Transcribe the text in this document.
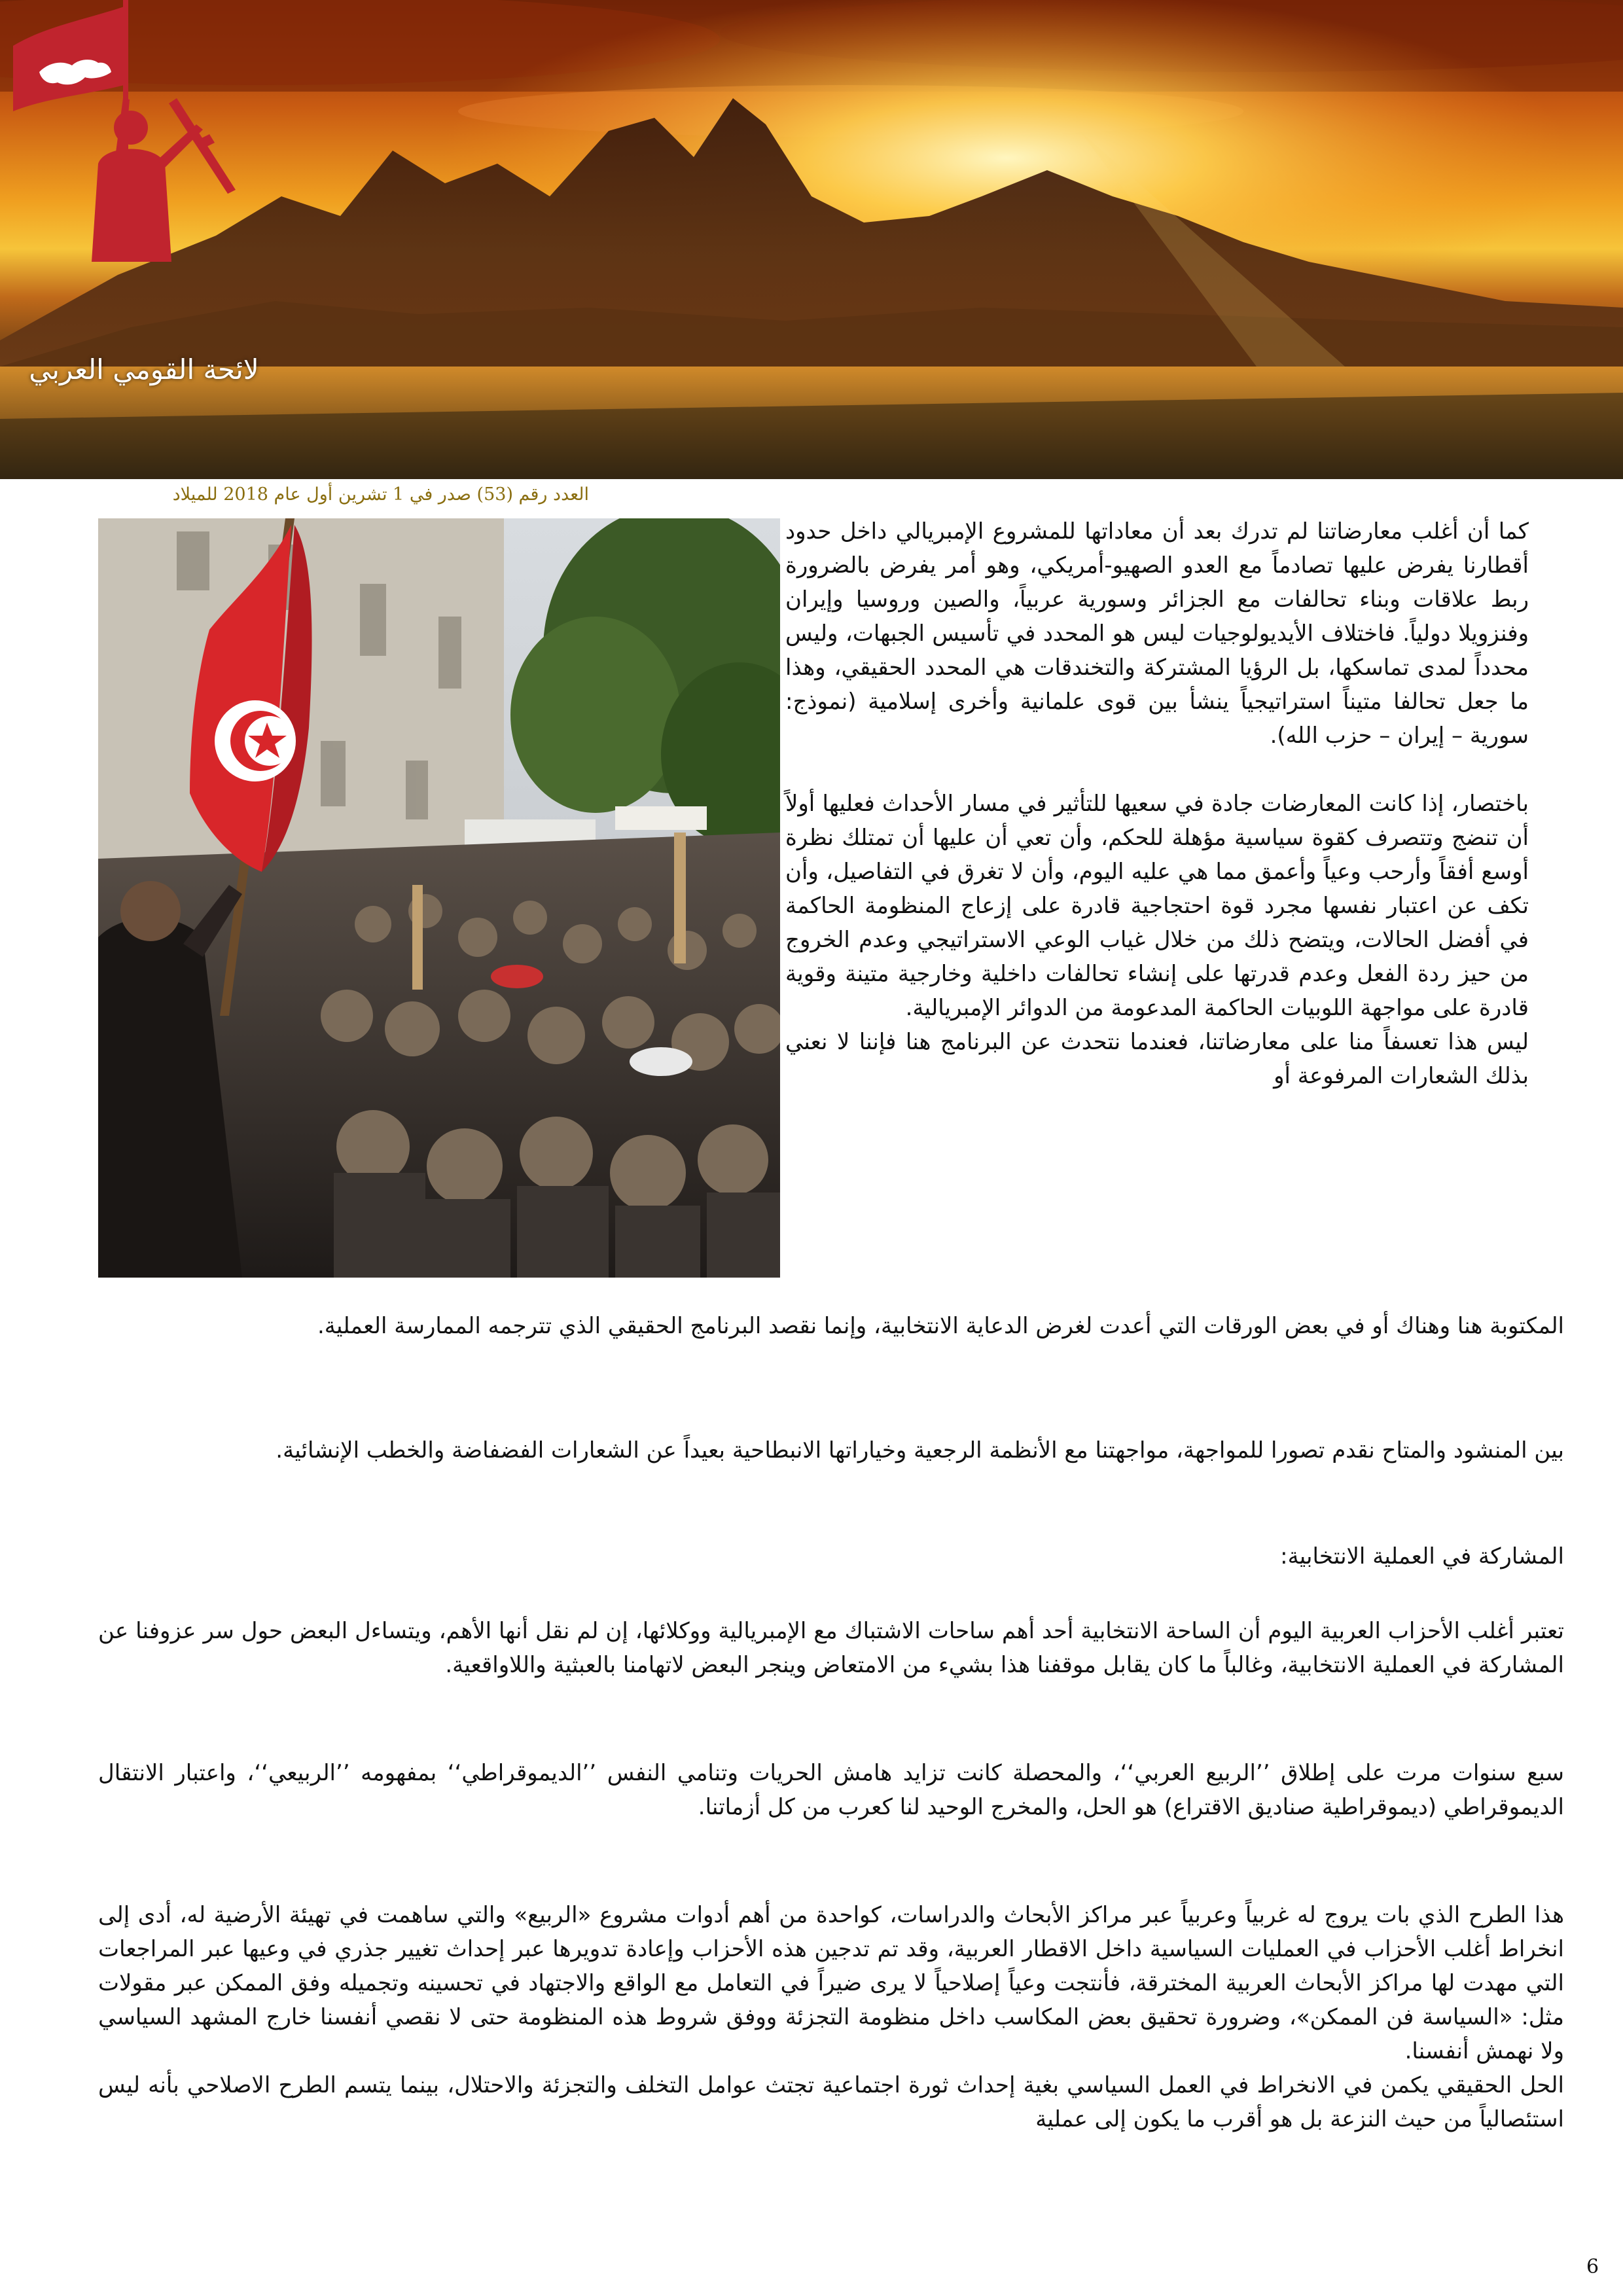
لائحة القومي العربي
العدد رقم (53) صدر في 1 تشرين أول عام 2018 للميلاد

كما أن أغلب معارضاتنا لم تدرك بعد أن معاداتها للمشروع الإمبريالي داخل حدود أقطارنا يفرض عليها تصادماً مع العدو الصهيو-أمريكي، وهو أمر يفرض بالضرورة ربط علاقات وبناء تحالفات مع الجزائر وسورية عربياً، والصين وروسيا وإيران وفنزويلا دولياً. فاختلاف الأيديولوجيات ليس هو المحدد في تأسيس الجبهات، وليس محدداً لمدى تماسكها، بل الرؤيا المشتركة والتخندقات هي المحدد الحقيقي، وهذا ما جعل تحالفا متيناً استراتيجياً ينشأ بين قوى علمانية وأخرى إسلامية (نموذج: سورية – إيران – حزب الله).

باختصار، إذا كانت المعارضات جادة في سعيها للتأثير في مسار الأحداث فعليها أولاً أن تنضج وتتصرف كقوة سياسية مؤهلة للحكم، وأن تعي أن عليها أن تمتلك نظرة أوسع أفقاً وأرحب وعياً وأعمق مما هي عليه اليوم، وأن لا تغرق في التفاصيل، وأن تكف عن اعتبار نفسها مجرد قوة احتجاجية قادرة على إزعاج المنظومة الحاكمة في أفضل الحالات، ويتضح ذلك من خلال غياب الوعي الاستراتيجي وعدم الخروج من حيز ردة الفعل وعدم قدرتها على إنشاء تحالفات داخلية وخارجية متينة وقوية قادرة على مواجهة اللوبيات الحاكمة المدعومة من الدوائر الإمبريالية.

ليس هذا تعسفاً منا على معارضاتنا، فعندما نتحدث عن البرنامج هنا فإننا لا نعني بذلك الشعارات المرفوعة أو

المكتوبة هنا وهناك أو في بعض الورقات التي أعدت لغرض الدعاية الانتخابية، وإنما نقصد البرنامج الحقيقي الذي تترجمه الممارسة العملية.
بين المنشود والمتاح نقدم تصورا للمواجهة، مواجهتنا مع الأنظمة الرجعية وخياراتها الانبطاحية بعيداً عن الشعارات الفضفاضة والخطب الإنشائية.
المشاركة في العملية الانتخابية:
تعتبر أغلب الأحزاب العربية اليوم أن الساحة الانتخابية أحد أهم ساحات الاشتباك مع الإمبريالية ووكلائها، إن لم نقل أنها الأهم، ويتساءل البعض حول سر عزوفنا عن المشاركة في العملية الانتخابية، وغالباً ما كان يقابل موقفنا هذا بشيء من الامتعاض وينجر البعض لاتهامنا بالعبثية واللاواقعية.
سبع سنوات مرت على إطلاق ’’الربيع العربي‘‘، والمحصلة كانت تزايد هامش الحريات وتنامي النفس ’’الديموقراطي‘‘ بمفهومه ’’الربيعي‘‘، واعتبار الانتقال الديموقراطي (ديموقراطية صناديق الاقتراع) هو الحل، والمخرج الوحيد لنا كعرب من كل أزماتنا.

هذا الطرح الذي بات يروج له غربياً وعربياً عبر مراكز الأبحاث والدراسات، كواحدة من أهم أدوات مشروع «الربيع» والتي ساهمت في تهيئة الأرضية له، أدى إلى انخراط أغلب الأحزاب في العمليات السياسية داخل الاقطار العربية، وقد تم تدجين هذه الأحزاب وإعادة تدويرها عبر إحداث تغيير جذري في وعيها عبر المراجعات التي مهدت لها مراكز الأبحاث العربية المخترقة، فأنتجت وعياً إصلاحياً لا يرى ضيراً في التعامل مع الواقع والاجتهاد في تحسينه وتجميله وفق الممكن عبر مقولات مثل: «السياسة فن الممكن»، وضرورة تحقيق بعض المكاسب داخل منظومة التجزئة ووفق شروط هذه المنظومة حتى لا نقصي أنفسنا خارج المشهد السياسي ولا نهمش أنفسنا.

الحل الحقيقي يكمن في الانخراط في العمل السياسي بغية إحداث ثورة اجتماعية تجتث عوامل التخلف والتجزئة والاحتلال، بينما يتسم الطرح الاصلاحي بأنه ليس استئصالياً من حيث النزعة بل هو أقرب ما يكون إلى عملية

6
